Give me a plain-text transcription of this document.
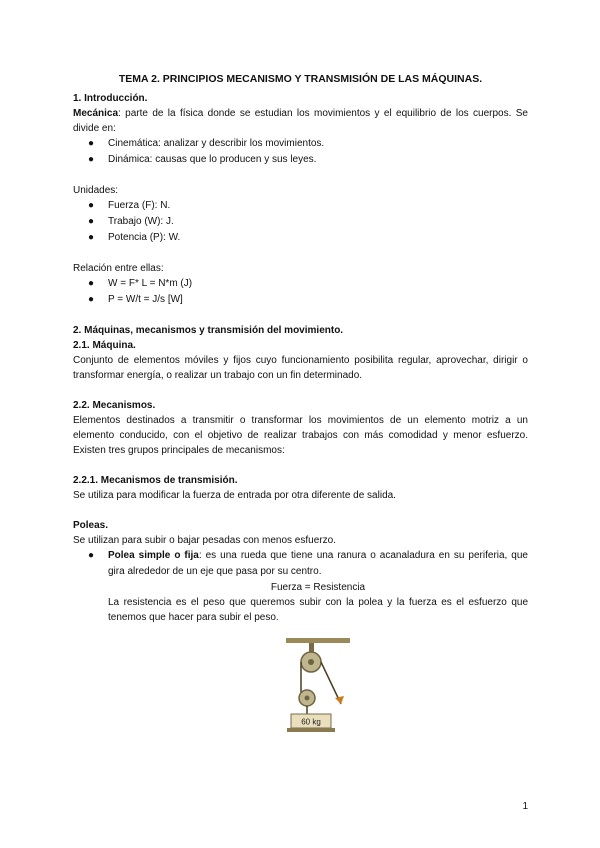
TEMA 2. PRINCIPIOS MECANISMO Y TRANSMISIÓN DE LAS MÁQUINAS.

1. Introducción.

Mecánica: parte de la física donde se estudian los movimientos y el equilibrio de los cuerpos. Se divide en:

● Cinemática: analizar y describir los movimientos.
● Dinámica: causas que lo producen y sus leyes.

Unidades:

● Fuerza (F): N.
● Trabajo (W): J.
● Potencia (P): W.

Relación entre ellas:

● W = F* L = N*m (J)
● P = W/t = J/s [W]

2. Máquinas, mecanismos y transmisión del movimiento.

2.1. Máquina.

Conjunto de elementos móviles y fijos cuyo funcionamiento posibilita regular, aprovechar, dirigir o transformar energía, o realizar un trabajo con un fin determinado.

2.2. Mecanismos.

Elementos destinados a transmitir o transformar los movimientos de un elemento motriz a un elemento conducido, con el objetivo de realizar trabajos con más comodidad y menor esfuerzo. Existen tres grupos principales de mecanismos:

2.2.1. Mecanismos de transmisión.

Se utiliza para modificar la fuerza de entrada por otra diferente de salida.

Poleas.

Se utilizan para subir o bajar pesadas con menos esfuerzo.

● Polea simple o fija: es una rueda que tiene una ranura o acanaladura en su periferia, que gira alrededor de un eje que pasa por su centro.

Fuerza = Resistencia

La resistencia es el peso que queremos subir con la polea y la fuerza es el esfuerzo que tenemos que hacer para subir el peso.

60 kg
1
